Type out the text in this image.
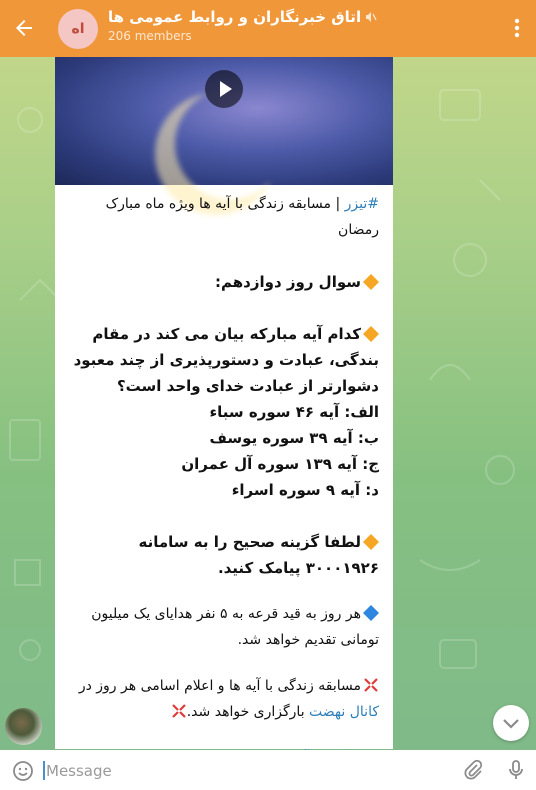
اه
اتاق خبرنگاران و روابط عمومی ها
206 members

#تیزر | مسابقه زندگی با آیه ها ویژه ماه مبارک رمضان

سوال روز دوازدهم:

کدام آیه مبارکه بیان می کند در مقام بندگی، عبادت و دستورپذیری از چند معبود دشوارتر از عبادت خدای واحد است؟

الف: آیه ۴۶ سوره سباء

ب: آیه ۳۹ سوره یوسف

ج: آیه ۱۳۹ سوره آل عمران

د: آیه ۹ سوره اسراء

لطفا گزینه صحیح را به سامانه ۳۰۰۰۱۹۲۶ پیامک کنید.

هر روز به قید قرعه به ۵ نفر هدایای یک میلیون تومانی تقدیم خواهد شد.

مسابقه زندگی با آیه ها و اعلام اسامی هر روز در کانال نهضت بارگزاری خواهد شد.

Message
